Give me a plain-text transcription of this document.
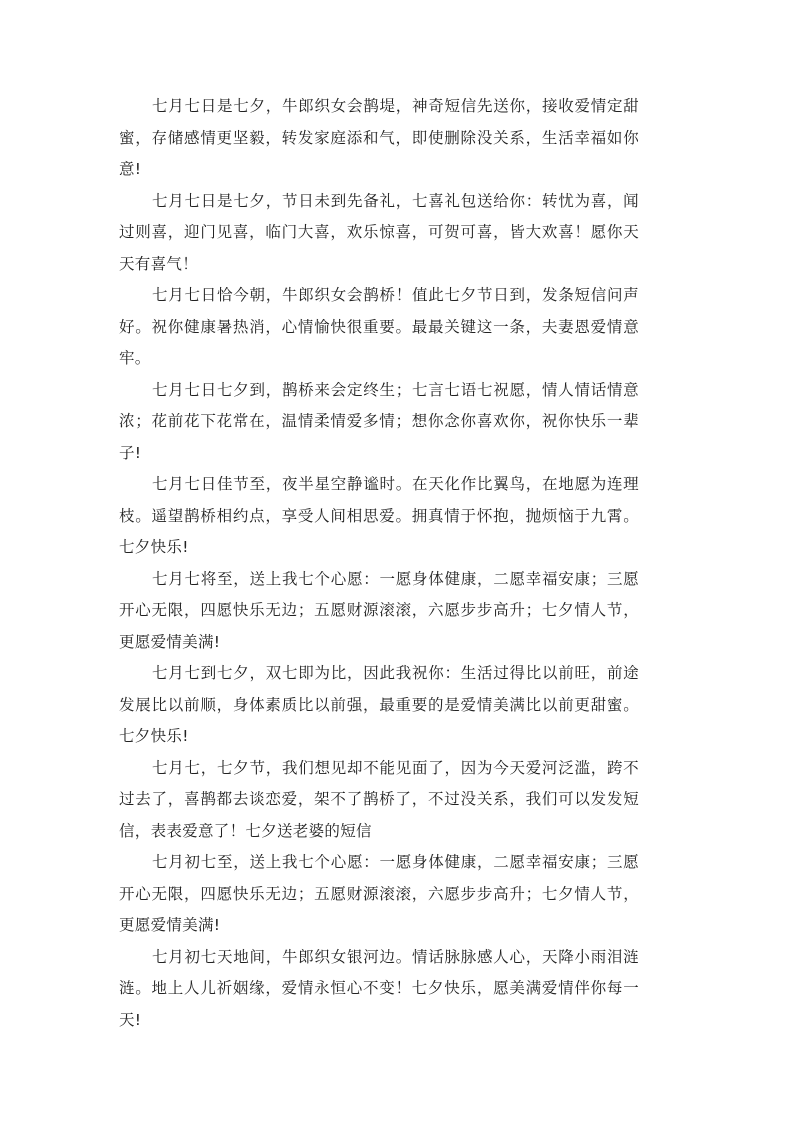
七月七日是七夕，牛郎织女会鹊堤，神奇短信先送你，接收爱情定甜蜜，存储感情更坚毅，转发家庭添和气，即使删除没关系，生活幸福如你意!

七月七日是七夕，节日未到先备礼，七喜礼包送给你：转忧为喜，闻过则喜，迎门见喜，临门大喜，欢乐惊喜，可贺可喜，皆大欢喜！愿你天天有喜气！

七月七日恰今朝，牛郎织女会鹊桥！值此七夕节日到，发条短信问声好。祝你健康暑热消，心情愉快很重要。最最关键这一条，夫妻恩爱情意牢。

七月七日七夕到，鹊桥来会定终生；七言七语七祝愿，情人情话情意浓；花前花下花常在，温情柔情爱多情；想你念你喜欢你，祝你快乐一辈子!

七月七日佳节至，夜半星空静谧时。在天化作比翼鸟，在地愿为连理枝。遥望鹊桥相约点，享受人间相思爱。拥真情于怀抱，抛烦恼于九霄。七夕快乐!

七月七将至，送上我七个心愿：一愿身体健康，二愿幸福安康；三愿开心无限，四愿快乐无边；五愿财源滚滚，六愿步步高升；七夕情人节，更愿爱情美满!

七月七到七夕，双七即为比，因此我祝你：生活过得比以前旺，前途发展比以前顺，身体素质比以前强，最重要的是爱情美满比以前更甜蜜。七夕快乐!

七月七，七夕节，我们想见却不能见面了，因为今天爱河泛滥，跨不过去了，喜鹊都去谈恋爱，架不了鹊桥了，不过没关系，我们可以发发短信，表表爱意了！七夕送老婆的短信

七月初七至，送上我七个心愿：一愿身体健康，二愿幸福安康；三愿开心无限，四愿快乐无边；五愿财源滚滚，六愿步步高升；七夕情人节，更愿爱情美满!

七月初七天地间，牛郎织女银河边。情话脉脉感人心，天降小雨泪涟涟。地上人儿祈姻缘，爱情永恒心不变！七夕快乐，愿美满爱情伴你每一天!
